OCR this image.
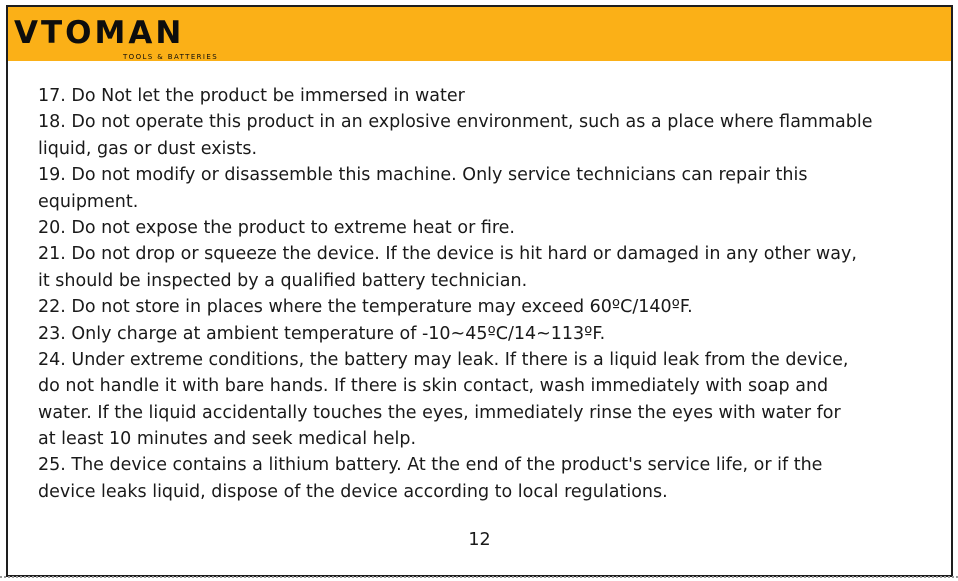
VTOMAN
TOOLS & BATTERIES
17. Do Not let the product be immersed in water
18. Do not operate this product in an explosive environment, such as a place where flammable
liquid, gas or dust exists.
19. Do not modify or disassemble this machine. Only service technicians can repair this
equipment.
20. Do not expose the product to extreme heat or fire.
21. Do not drop or squeeze the device. If the device is hit hard or damaged in any other way,
it should be inspected by a qualified battery technician.
22. Do not store in places where the temperature may exceed 60ºC/140ºF.
23. Only charge at ambient temperature of -10~45ºC/14~113ºF.
24. Under extreme conditions, the battery may leak. If there is a liquid leak from the device,
do not handle it with bare hands. If there is skin contact, wash immediately with soap and
water. If the liquid accidentally touches the eyes, immediately rinse the eyes with water for
at least 10 minutes and seek medical help.
25. The device contains a lithium battery. At the end of the product's service life, or if the
device leaks liquid, dispose of the device according to local regulations.
12
